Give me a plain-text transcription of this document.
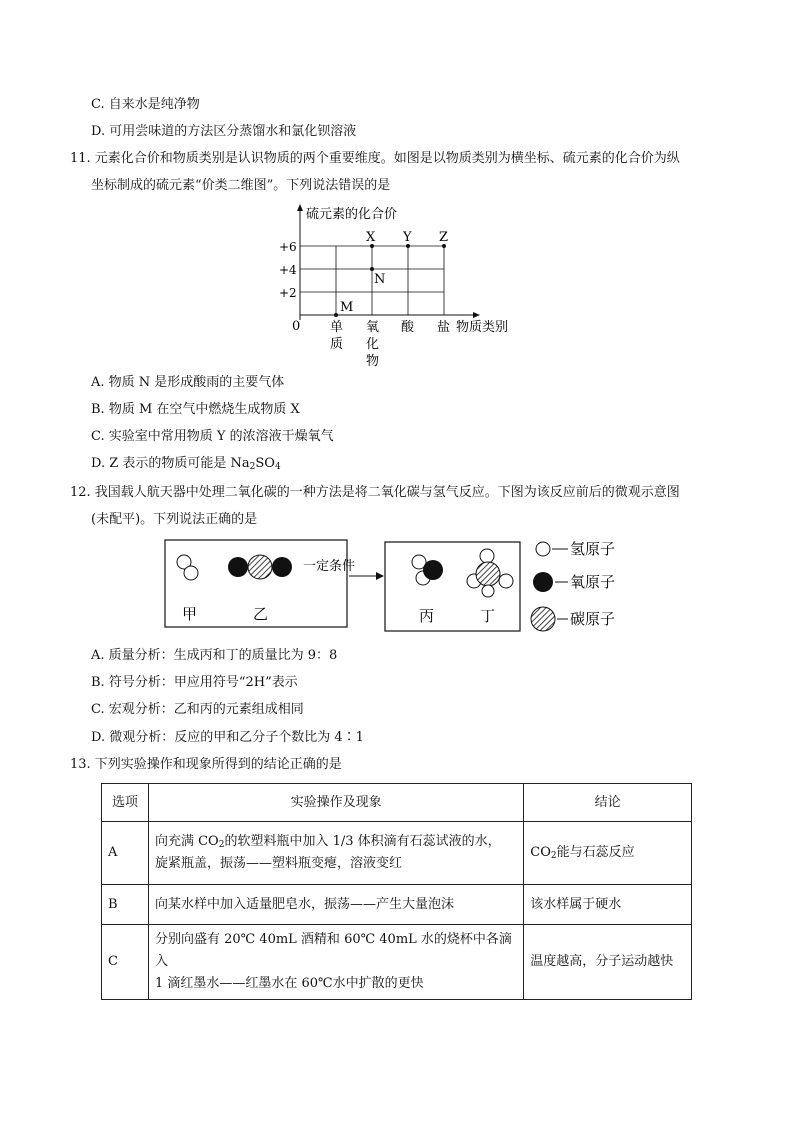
C. 自来水是纯净物
D. 可用尝味道的方法区分蒸馏水和氯化钡溶液
11. 元素化合价和物质类别是认识物质的两个重要维度。如图是以物质类别为横坐标、硫元素的化合价为纵
坐标制成的硫元素“价类二维图”。下列说法错误的是
硫元素的化合价
0
+2
+4
+6
单
质
氧
化
物
酸 盐 物质类别
M
N
X Y Z
A. 物质 N 是形成酸雨的主要气体
B. 物质 M 在空气中燃烧生成物质 X
C. 实验室中常用物质 Y 的浓溶液干燥氧气
D. Z 表示的物质可能是 $Na_2SO_4$
12. 我国载人航天器中处理二氧化碳的一种方法是将二氧化碳与氢气反应。下图为该反应前后的微观示意图
(未配平)。下列说法正确的是
甲	乙
一定条件
丙	丁
氢原子
氧原子
碳原子
A. 质量分析：生成丙和丁的质量比为 9：8
B. 符号分析：甲应用符号“2H”表示
C. 宏观分析：乙和丙的元素组成相同
D. 微观分析：反应的甲和乙分子个数比为 4∶1
13. 下列实验操作和现象所得到的结论正确的是
选项	实验操作及现象	结论
A	向充满 $CO_2$的软塑料瓶中加入 1/3 体积滴有石蕊试液的水，
旋紧瓶盖，振荡——塑料瓶变瘪，溶液变红	$CO_2$能与石蕊反应
B	向某水样中加入适量肥皂水，振荡——产生大量泡沫	该水样属于硬水
C	分别向盛有 20℃ 40mL 酒精和 60℃ 40mL 水的烧杯中各滴入
1 滴红墨水——红墨水在 60℃水中扩散的更快	温度越高，分子运动越快
